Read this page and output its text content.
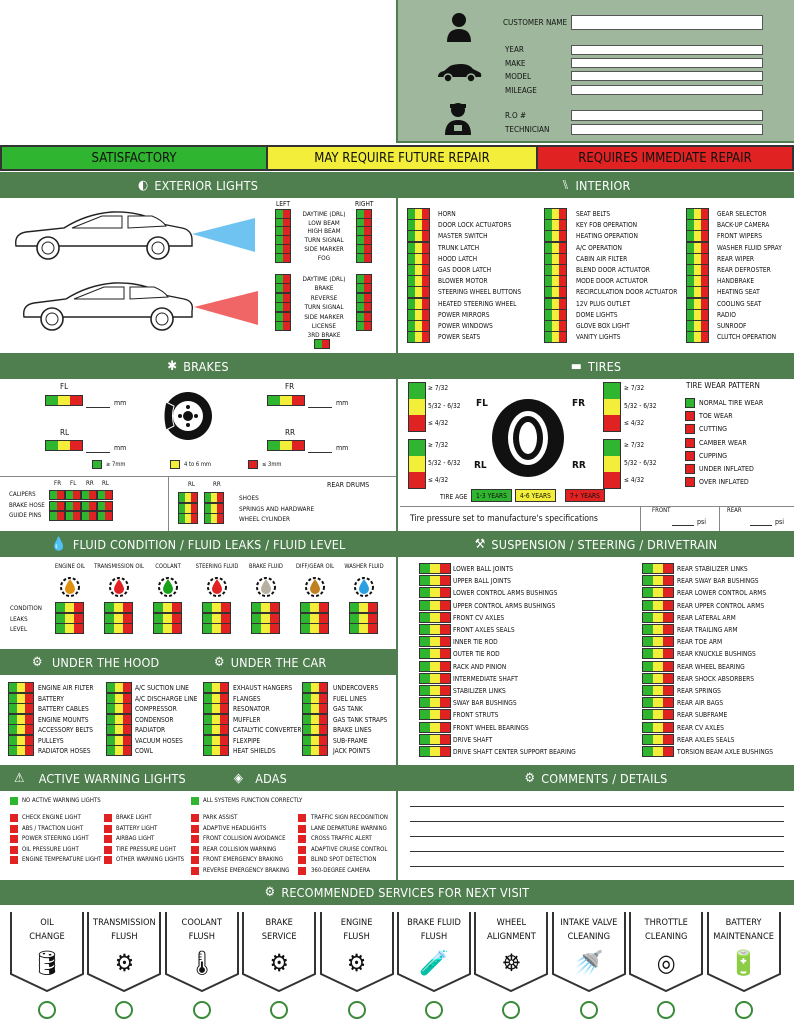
CUSTOMER NAME
YEAR
MAKE
MODEL
MILEAGE
R.O #
TECHNICIAN
SATISFACTORY	MAY REQUIRE FUTURE REPAIR	REQUIRES IMMEDIATE REPAIR
◐ EXTERIOR LIGHTS	⑊ INTERIOR
✱ BRAKES	▬ TIRES
💧 FLUID CONDITION / FLUID LEAKS / FLUID LEVEL	⚒ SUSPENSION / STEERING / DRIVETRAIN
⚙ UNDER THE HOOD	⚙ UNDER THE CAR
⚠ ACTIVE WARNING LIGHTS	◈ ADAS	⚙ COMMENTS / DETAILS
⚙ RECOMMENDED SERVICES FOR NEXT VISIT
LEFT	RIGHT
DAYTIME (DRL)
LOW BEAM
HIGH BEAM
TURN SIGNAL
SIDE MARKER
FOG
DAYTIME (DRL)
BRAKE
REVERSE
TURN SIGNAL
SIDE MARKER
LICENSE
3RD BRAKE
HORN
DOOR LOCK ACTUATORS
MASTER SWITCH
TRUNK LATCH
HOOD LATCH
GAS DOOR LATCH
BLOWER MOTOR
STEERING WHEEL BUTTONS
HEATED STEERING WHEEL
POWER MIRRORS
POWER WINDOWS
POWER SEATS
SEAT BELTS
KEY FOB OPERATION
HEATING OPERATION
A/C OPERATION
CABIN AIR FILTER
BLEND DOOR ACTUATOR
MODE DOOR ACTUATOR
RECIRCULATION DOOR ACTUATOR
12V PLUG OUTLET
DOME LIGHTS
GLOVE BOX LIGHT
VANITY LIGHTS
GEAR SELECTOR
BACK-UP CAMERA
FRONT WIPERS
WASHER FLUID SPRAY
REAR WIPER
REAR DEFROSTER
HANDBRAKE
HEATING SEAT
COOLING SEAT
RADIO
SUNROOF
CLUTCH OPERATION
FL
mm
FR
mm
RL
mm
RR
mm
≥ 7mm	4 to 6 mm	≤ 3mm
FR FL RR RL
CALIPERS
BRAKE HOSE
GUIDE PINS
REAR DRUMS
RL	RR
SHOES
SPRINGS AND HARDWARE
WHEEL CYLINDER
≥ 7/32
5/32 - 6/32
≤ 4/32
≥ 7/32
5/32 - 6/32
≤ 4/32
≥ 7/32
5/32 - 6/32
≤ 4/32
≥ 7/32
5/32 - 6/32
≤ 4/32
FL	FR
RL	RR
TIRE AGE	1-3 YEARS	4-6 YEARS	7+ YEARS
TIRE WEAR PATTERN
NORMAL TIRE WEAR
TOE WEAR
CUTTING
CAMBER WEAR
CUPPING
UNDER INFLATED
OVER INFLATED
Tire pressure set to manufacture's specifications
FRONT	REAR
psi	psi
ENGINE OIL	TRANSMISSION OIL	COOLANT	STEERING FLUID	BRAKE FLUID	DIFF/GEAR OIL	WASHER FLUID
CONDITION
LEAKS
LEVEL
LOWER BALL JOINTS
UPPER BALL JOINTS
LOWER CONTROL ARMS BUSHINGS
UPPER CONTROL ARMS BUSHINGS
FRONT CV AXLES
FRONT AXLES SEALS
INNER TIE ROD
OUTER TIE ROD
RACK AND PINION
INTERMEDIATE SHAFT
STABILIZER LINKS
SWAY BAR BUSHINGS
FRONT STRUTS
FRONT WHEEL BEARINGS
DRIVE SHAFT
DRIVE SHAFT CENTER SUPPORT BEARING
REAR STABILIZER LINKS
REAR SWAY BAR BUSHINGS
REAR LOWER CONTROL ARMS
REAR UPPER CONTROL ARMS
REAR LATERAL ARM
REAR TRAILING ARM
REAR TOE ARM
REAR KNUCKLE BUSHINGS
REAR WHEEL BEARING
REAR SHOCK ABSORBERS
REAR SPRINGS
REAR AIR BAGS
REAR SUBFRAME
REAR CV AXLES
REAR AXLES SEALS
TORSION BEAM AXLE BUSHINGS
ENGINE AIR FILTER
BATTERY
BATTERY CABLES
ENGINE MOUNTS
ACCESSORY BELTS
PULLEYS
RADIATOR HOSES
A/C SUCTION LINE
A/C DISCHARGE LINE
COMPRESSOR
CONDENSOR
RADIATOR
VACUUM HOSES
COWL
EXHAUST HANGERS
FLANGES
RESONATOR
MUFFLER
CATALYTIC CONVERTER
FLEXPIPE
HEAT SHIELDS
UNDERCOVERS
FUEL LINES
GAS TANK
GAS TANK STRAPS
BRAKE LINES
SUB-FRAME
JACK POINTS
NO ACTIVE WARNING LIGHTS	ALL SYSTEMS FUNCTION CORRECTLY
CHECK ENGINE LIGHT
ABS / TRACTION LIGHT
POWER STEERING LIGHT
OIL PRESSURE LIGHT
ENGINE TEMPERATURE LIGHT
BRAKE LIGHT
BATTERY LIGHT
AIRBAG LIGHT
TIRE PRESSURE LIGHT
OTHER WARNING LIGHTS
PARK ASSIST
ADAPTIVE HEADLIGHTS
FRONT COLLISION AVOIDANCE
REAR COLLISION WARNING
FRONT EMERGENCY BRAKING
REVERSE EMERGENCY BRAKING
TRAFFIC SIGN RECOGNITION
LANE DEPARTURE WARNING
CROSS TRAFFIC ALERT
ADAPTIVE CRUISE CONTROL
BLIND SPOT DETECTION
360-DEGREE CAMERA
OIL
CHANGE
🛢
TRANSMISSION
FLUSH
⚙
COOLANT
FLUSH
🌡
BRAKE
SERVICE
⚙
ENGINE
FLUSH
⚙
BRAKE FLUID
FLUSH
🧪
WHEEL
ALIGNMENT
☸
INTAKE VALVE
CLEANING
🚿
THROTTLE
CLEANING
◎
BATTERY
MAINTENANCE
🔋
